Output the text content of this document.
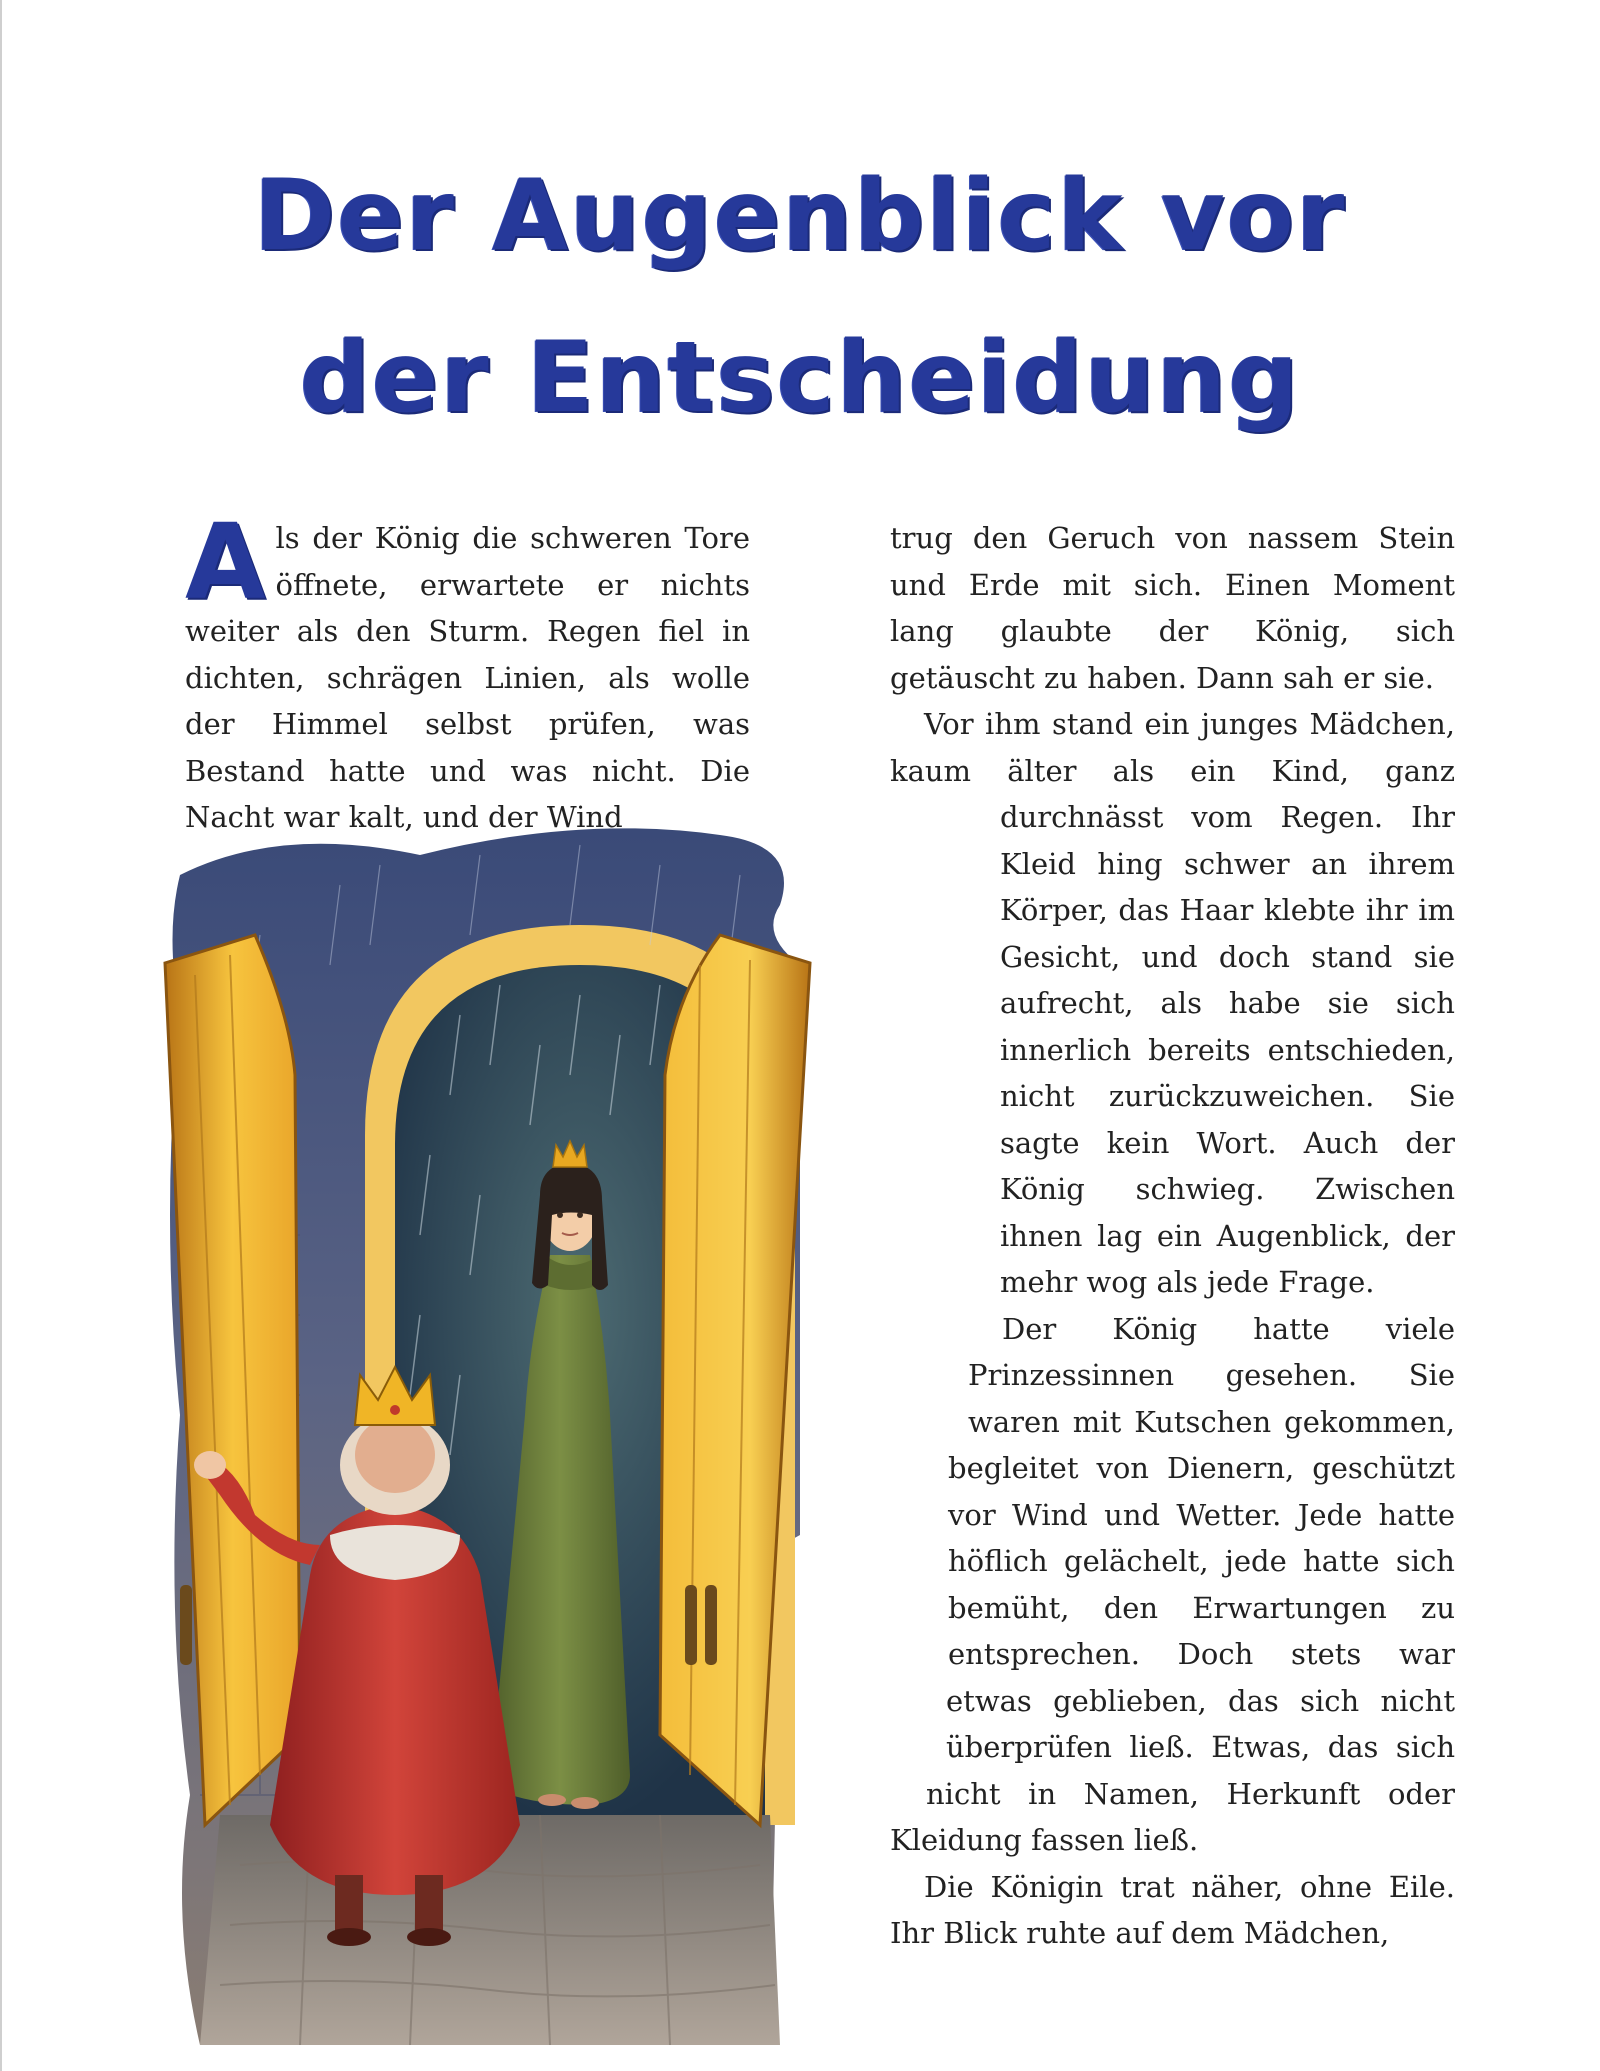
Der Augenblick vor
der Entscheidung
A ls der König die schweren Tore öffnete, erwartete er nichts weiter als den Sturm. Regen fiel in dichten, schrägen Linien, als wolle der Himmel selbst prüfen, was Bestand hatte und was nicht. Die Nacht war kalt, und der Wind

trug den Geruch von nassem Stein und Erde mit sich. Einen Moment lang glaubte der König, sich getäuscht zu haben. Dann sah er sie.

Vor ihm stand ein junges Mädchen, kaum älter als ein Kind, ganz durchnässt vom Regen. Ihr Kleid hing schwer an ihrem Körper, das Haar klebte ihr im Gesicht, und doch stand sie aufrecht, als habe sie sich innerlich bereits entschieden, nicht zurückzuweichen. Sie sagte kein Wort. Auch der König schwieg. Zwischen ihnen lag ein Augenblick, der mehr wog als jede Frage.

Der König hatte viele Prinzessinnen gesehen. Sie waren mit Kutschen gekommen, begleitet von Dienern, geschützt vor Wind und Wetter. Jede hatte höflich gelächelt, jede hatte sich bemüht, den Erwartungen zu entsprechen. Doch stets war etwas geblieben, das sich nicht überprüfen ließ. Etwas, das sich nicht in Namen, Herkunft oder Kleidung fassen ließ.

Die Königin trat näher, ohne Eile. Ihr Blick ruhte auf dem Mädchen,
